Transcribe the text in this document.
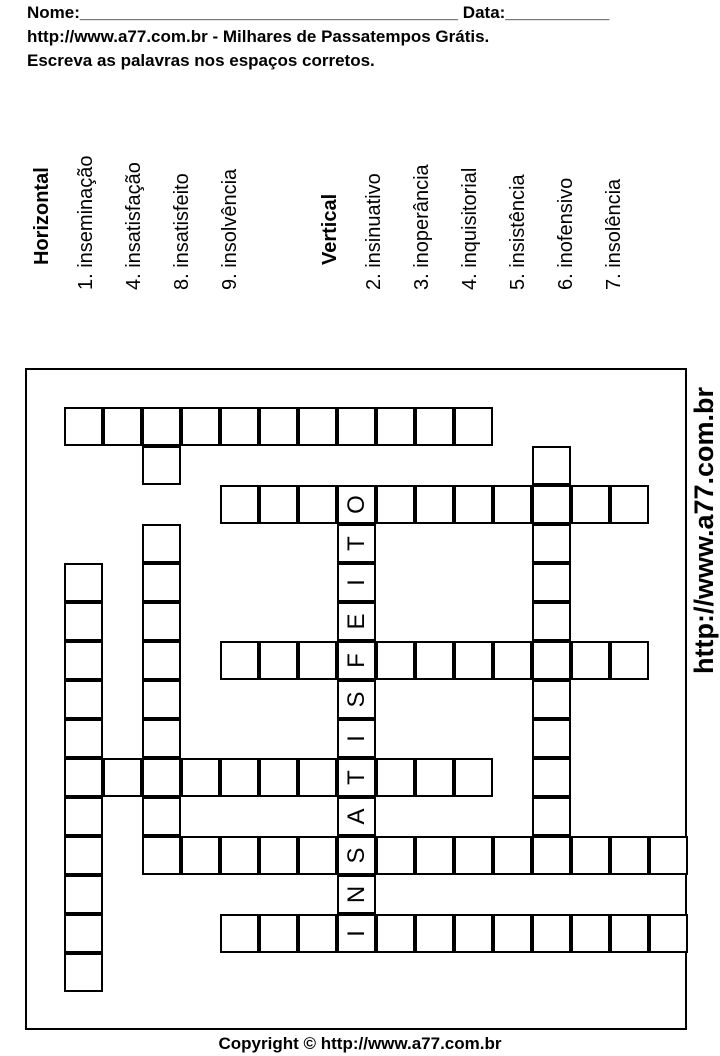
Nome:________________________________________ Data:___________
http://www.a77.com.br - Milhares de Passatempos Grátis.
Escreva as palavras nos espaços corretos.
Horizontal 1. inseminação 4. insatisfação 8. insatisfeito 9. insolvência	Vertical 2. insinuativo 3. inoperância 4. inquisitorial 5. insistência 6. inofensivo 7. insolência
O
T
I
E
F
S
I
T
A
S
N
I
http://www.a77.com.br
Copyright © http://www.a77.com.br
